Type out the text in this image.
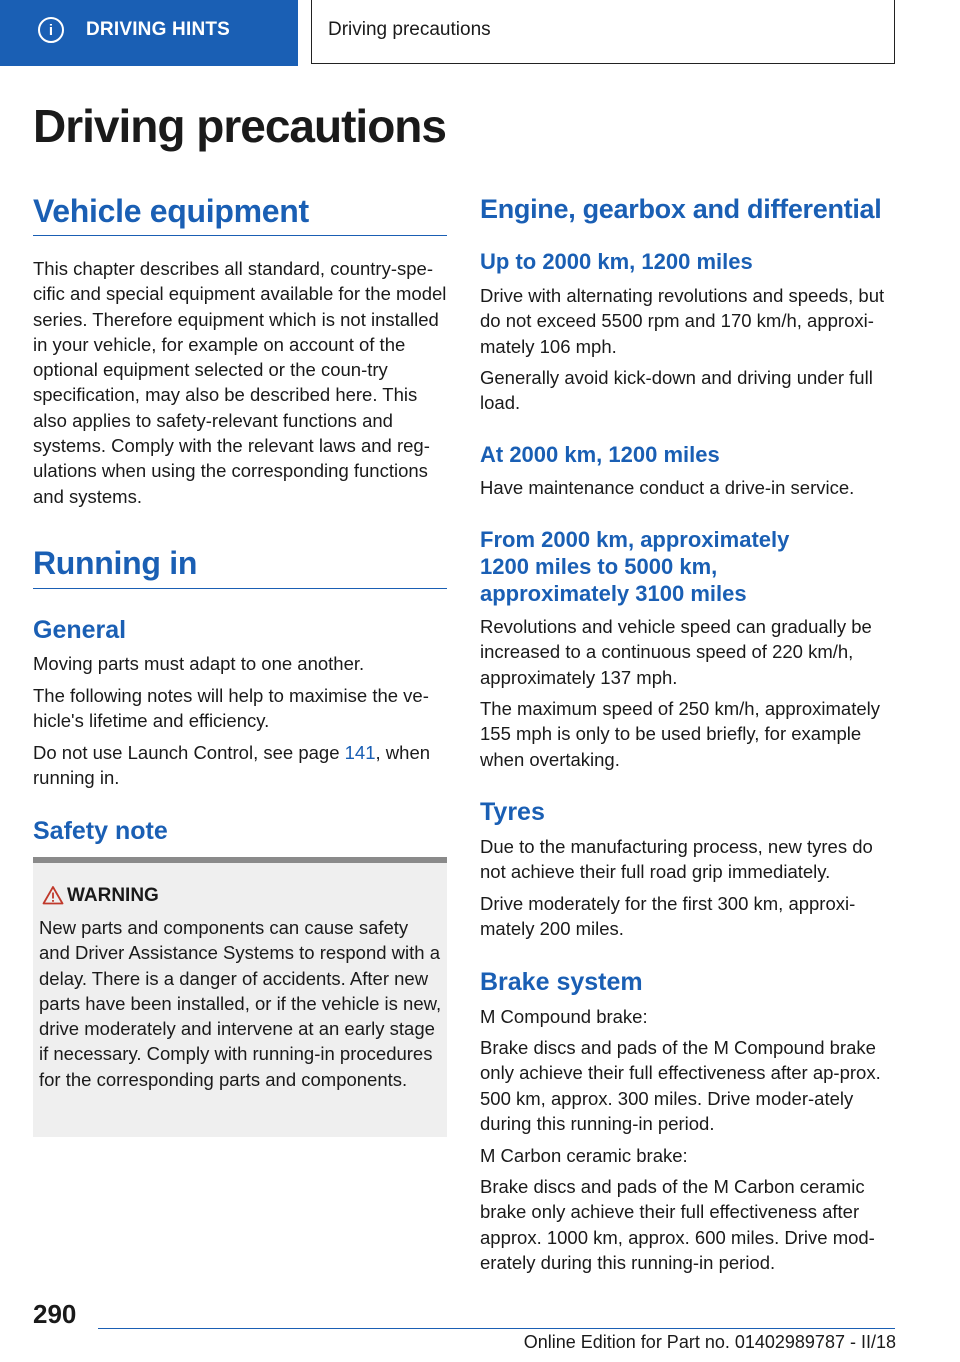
i	DRIVING HINTS	Driving precautions
Driving precautions
Vehicle equipment

This chapter describes all standard, country-spe-cific and special equipment available for the model series. Therefore equipment which is not installed in your vehicle, for example on account of the optional equipment selected or the coun-try specification, may also be described here. This also applies to safety-relevant functions and systems. Comply with the relevant laws and reg-ulations when using the corresponding functions and systems.

Running in
General

Moving parts must adapt to one another.

The following notes will help to maximise the ve-hicle's lifetime and efficiency.

Do not use Launch Control, see page 141, when running in.

Safety note
WARNING

New parts and components can cause safety and Driver Assistance Systems to respond with a delay. There is a danger of accidents. After new parts have been installed, or if the vehicle is new, drive moderately and intervene at an early stage if necessary. Comply with running-in procedures for the corresponding parts and components.

Engine, gearbox and differential
Up to 2000 km, 1200 miles

Drive with alternating revolutions and speeds, but do not exceed 5500 rpm and 170 km/h, approxi-mately 106 mph.

Generally avoid kick-down and driving under full load.

At 2000 km, 1200 miles

Have maintenance conduct a drive-in service.

From 2000 km, approximately
1200 miles to 5000 km,
approximately 3100 miles

Revolutions and vehicle speed can gradually be increased to a continuous speed of 220 km/h, approximately 137 mph.

The maximum speed of 250 km/h, approximately 155 mph is only to be used briefly, for example when overtaking.

Tyres

Due to the manufacturing process, new tyres do not achieve their full road grip immediately.

Drive moderately for the first 300 km, approxi-mately 200 miles.

Brake system

M Compound brake:

Brake discs and pads of the M Compound brake only achieve their full effectiveness after ap-prox. 500 km, approx. 300 miles. Drive moder-ately during this running-in period.

M Carbon ceramic brake:

Brake discs and pads of the M Carbon ceramic brake only achieve their full effectiveness after approx. 1000 km, approx. 600 miles. Drive mod-erately during this running-in period.

290
Online Edition for Part no. 01402989787 - II/18
